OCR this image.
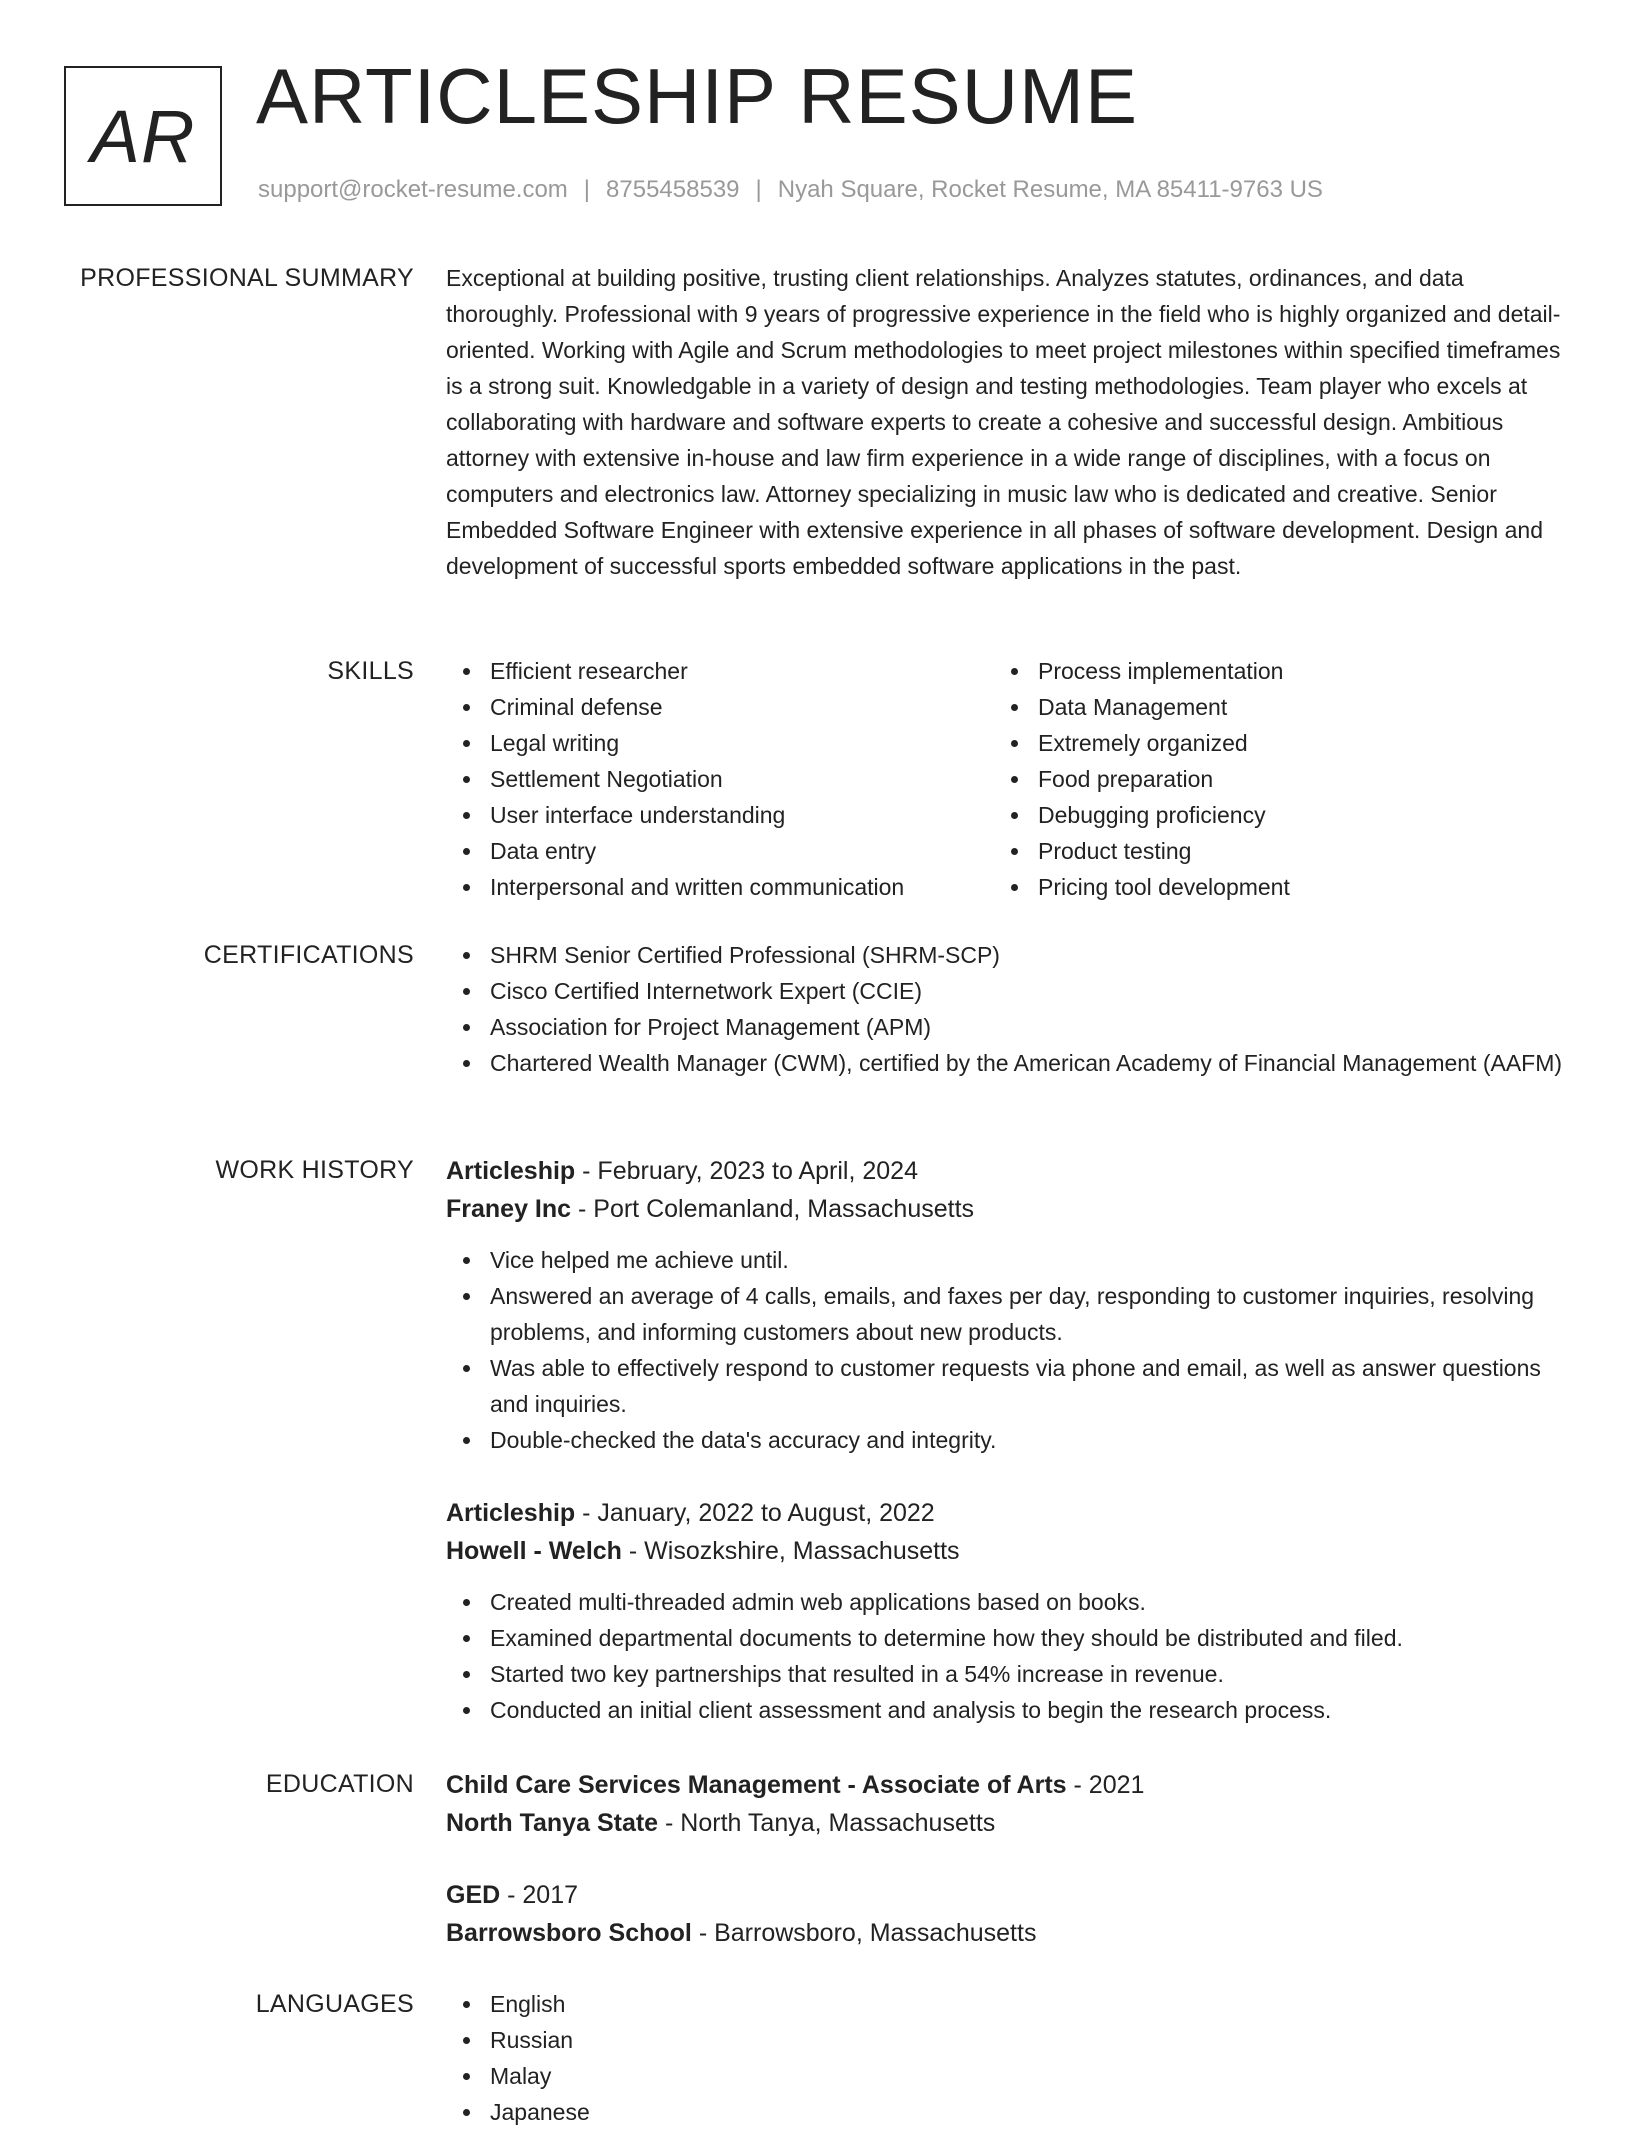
AR ARTICLESHIP RESUME
support@rocket-resume.com | 8755458539 | Nyah Square, Rocket Resume, MA 85411-9763 US
PROFESSIONAL SUMMARY Exceptional at building positive, trusting client relationships. Analyzes statutes, ordinances, and data thoroughly. Professional with 9 years of progressive experience in the field who is highly organized and detail-oriented. Working with Agile and Scrum methodologies to meet project milestones within specified timeframes is a strong suit. Knowledgable in a variety of design and testing methodologies. Team player who excels at collaborating with hardware and software experts to create a cohesive and successful design. Ambitious attorney with extensive in-house and law firm experience in a wide range of disciplines, with a focus on computers and electronics law. Attorney specializing in music law who is dedicated and creative. Senior Embedded Software Engineer with extensive experience in all phases of software development. Design and development of successful sports embedded software applications in the past.

SKILLS	Efficient researcher
Criminal defense
Legal writing
Settlement Negotiation
User interface understanding
Data entry
Interpersonal and written communication
Process implementation
Data Management
Extremely organized
Food preparation
Debugging proficiency
Product testing
Pricing tool development
CERTIFICATIONS	SHRM Senior Certified Professional (SHRM-SCP)
Cisco Certified Internetwork Expert (CCIE)
Association for Project Management (APM)
Chartered Wealth Manager (CWM), certified by the American Academy of Financial Management (AAFM)
WORK HISTORY Articleship - February, 2023 to April, 2024
Franey Inc - Port Colemanland, Massachusetts
Vice helped me achieve until.
Answered an average of 4 calls, emails, and faxes per day, responding to customer inquiries, resolving problems, and informing customers about new products.
Was able to effectively respond to customer requests via phone and email, as well as answer questions and inquiries.
Double-checked the data's accuracy and integrity.
Articleship - January, 2022 to August, 2022
Howell - Welch - Wisozkshire, Massachusetts
Created multi-threaded admin web applications based on books.
Examined departmental documents to determine how they should be distributed and filed.
Started two key partnerships that resulted in a 54% increase in revenue.
Conducted an initial client assessment and analysis to begin the research process.
EDUCATION Child Care Services Management - Associate of Arts - 2021
North Tanya State - North Tanya, Massachusetts
GED - 2017
Barrowsboro School - Barrowsboro, Massachusetts
LANGUAGES	English
Russian
Malay
Japanese
